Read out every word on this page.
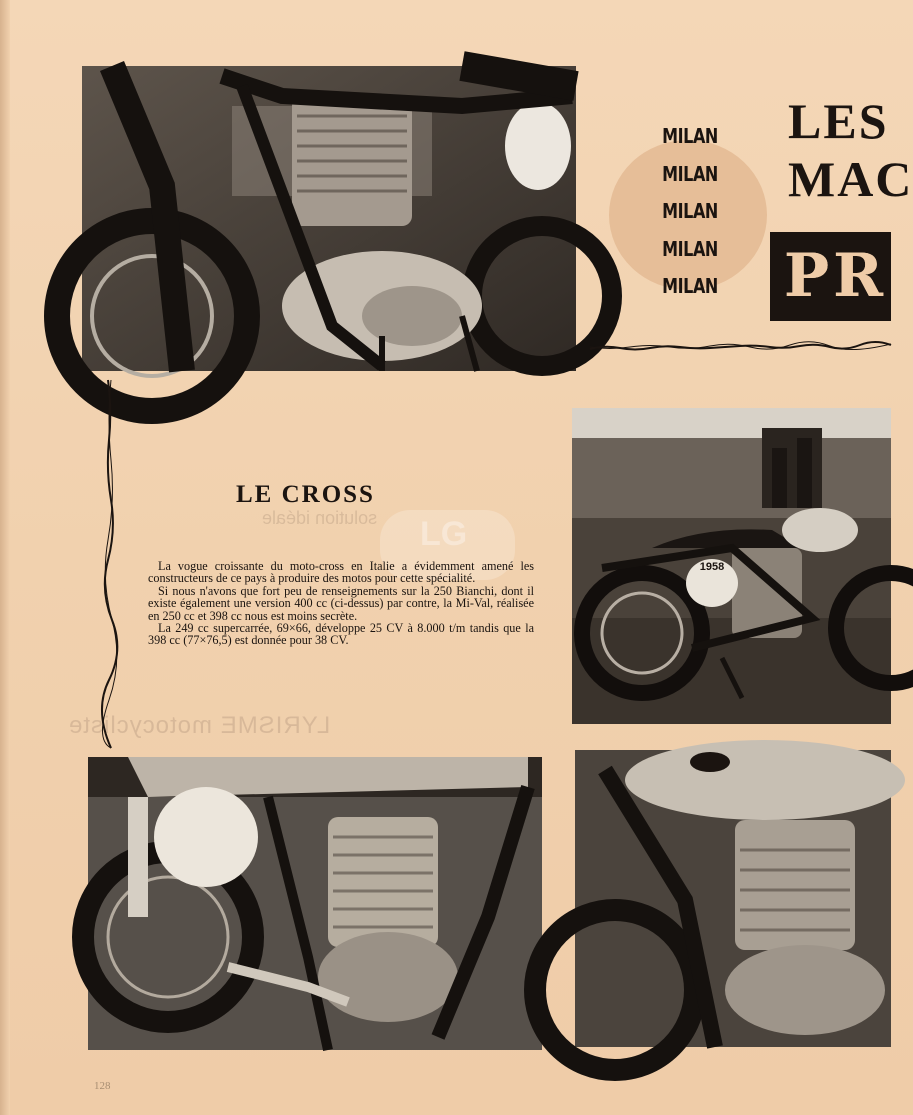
MILAN
MILAN
MILAN
MILAN
MILAN
LES
MAC
PR
solution idéale LG
LYRISME motocycliste
LE CROSS

La vogue croissante du moto-cross en Italie a évidemment amené les constructeurs de ce pays à produire des motos pour cette spécialité.

Si nous n'avons que fort peu de renseignements sur la 250 Bianchi, dont il existe également une version 400 cc (ci-dessus) par contre, la Mi-Val, réalisée en 250 cc et 398 cc nous est moins secrète.

La 249 cc supercarrée, 69×66, développe 25 CV à 8.000 t/m tandis que la 398 cc (77×76,5) est donnée pour 38 CV.

1958
128
